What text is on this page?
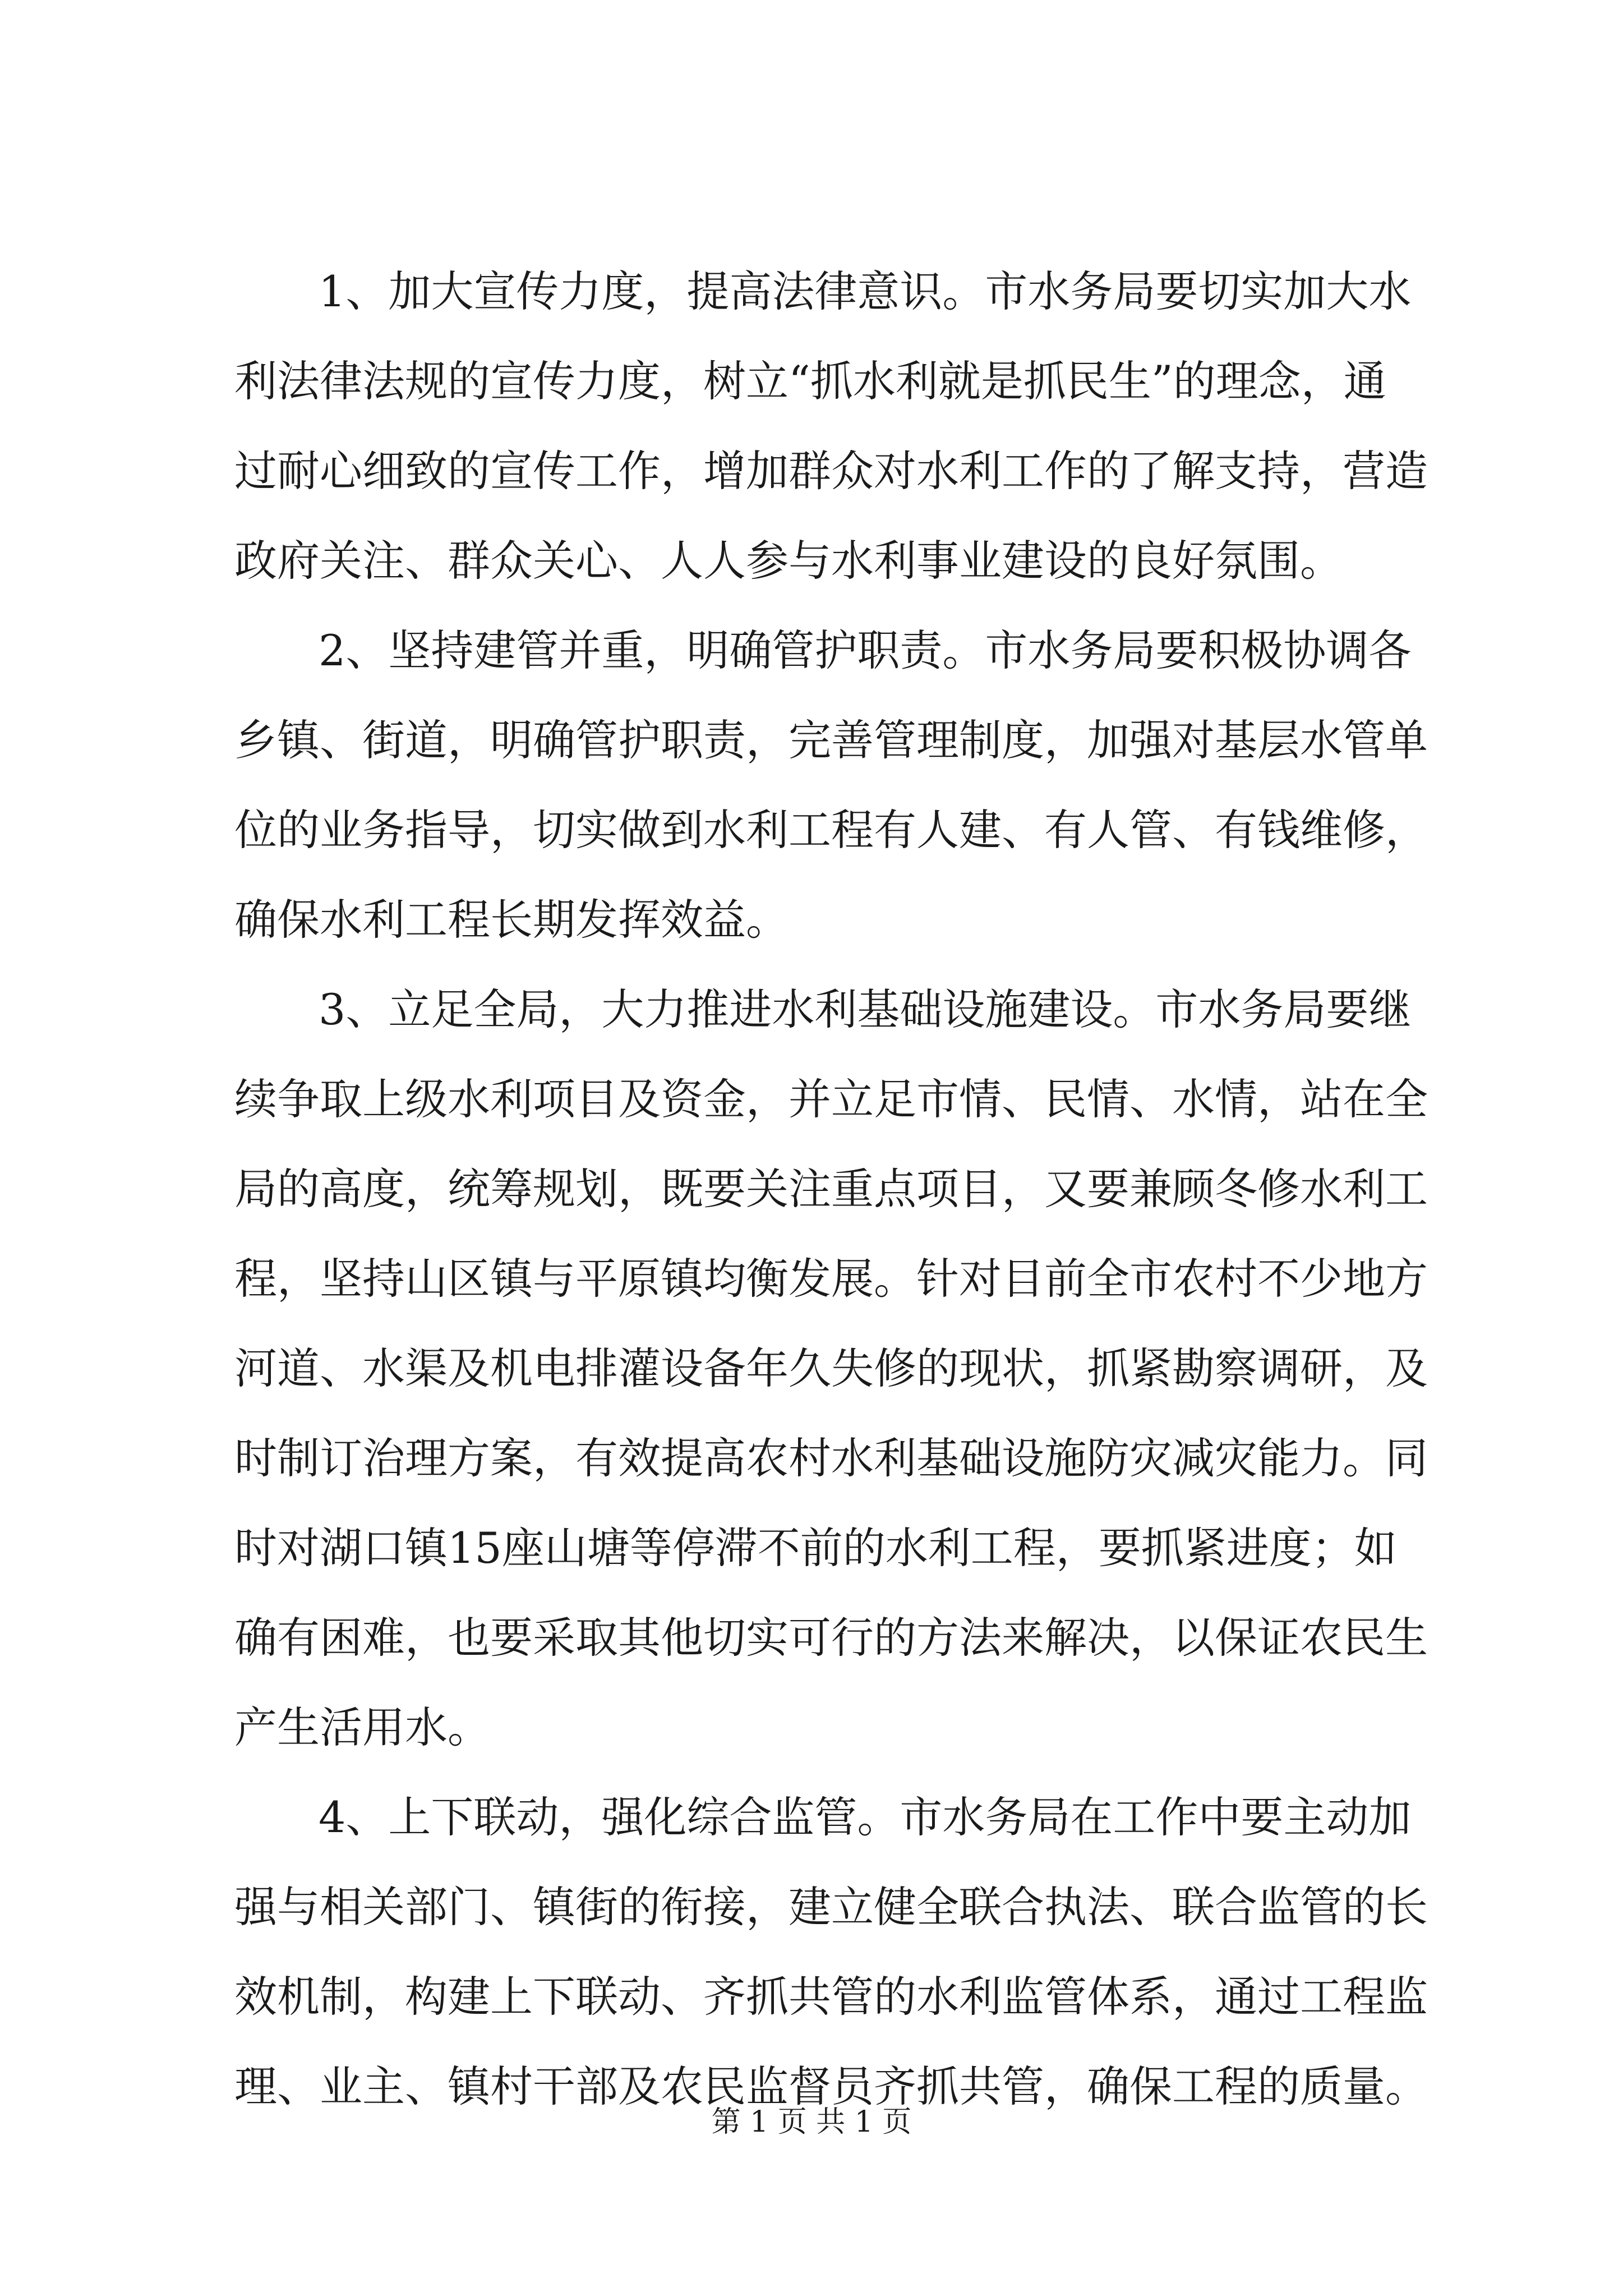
1、加大宣传力度，提高法律意识。市水务局要切实加大水
利法律法规的宣传力度，树立“抓水利就是抓民生”的理念，通
过耐心细致的宣传工作，增加群众对水利工作的了解支持，营造
政府关注、群众关心、人人参与水利事业建设的良好氛围。
2、坚持建管并重，明确管护职责。市水务局要积极协调各
乡镇、街道，明确管护职责，完善管理制度，加强对基层水管单
位的业务指导，切实做到水利工程有人建、有人管、有钱维修，
确保水利工程长期发挥效益。
3、立足全局，大力推进水利基础设施建设。市水务局要继
续争取上级水利项目及资金，并立足市情、民情、水情，站在全
局的高度，统筹规划，既要关注重点项目，又要兼顾冬修水利工
程，坚持山区镇与平原镇均衡发展。针对目前全市农村不少地方
河道、水渠及机电排灌设备年久失修的现状，抓紧勘察调研，及
时制订治理方案，有效提高农村水利基础设施防灾减灾能力。同
时对湖口镇15座山塘等停滞不前的水利工程，要抓紧进度；如
确有困难，也要采取其他切实可行的方法来解决，以保证农民生
产生活用水。
4、上下联动，强化综合监管。市水务局在工作中要主动加
强与相关部门、镇街的衔接，建立健全联合执法、联合监管的长
效机制，构建上下联动、齐抓共管的水利监管体系，通过工程监
理、业主、镇村干部及农民监督员齐抓共管，确保工程的质量。
第 1 页 共 1 页
